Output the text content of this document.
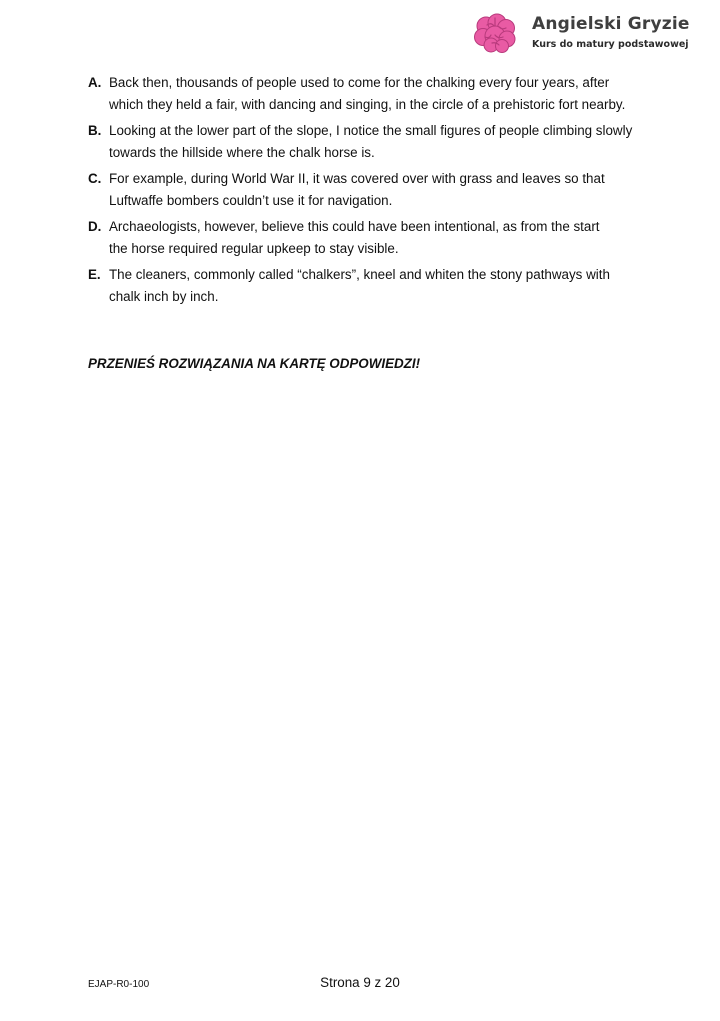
Angielski Gryzie
Kurs do matury podstawowej
A. Back then, thousands of people used to come for the chalking every four years, after
which they held a fair, with dancing and singing, in the circle of a prehistoric fort nearby.
B. Looking at the lower part of the slope, I notice the small figures of people climbing slowly
towards the hillside where the chalk horse is.
C. For example, during World War II, it was covered over with grass and leaves so that
Luftwaffe bombers couldn’t use it for navigation.
D. Archaeologists, however, believe this could have been intentional, as from the start
the horse required regular upkeep to stay visible.
E. The cleaners, commonly called “chalkers”, kneel and whiten the stony pathways with
chalk inch by inch.
PRZENIEŚ ROZWIĄZANIA NA KARTĘ ODPOWIEDZI!
EJAP-R0-100	Strona 9 z 20
